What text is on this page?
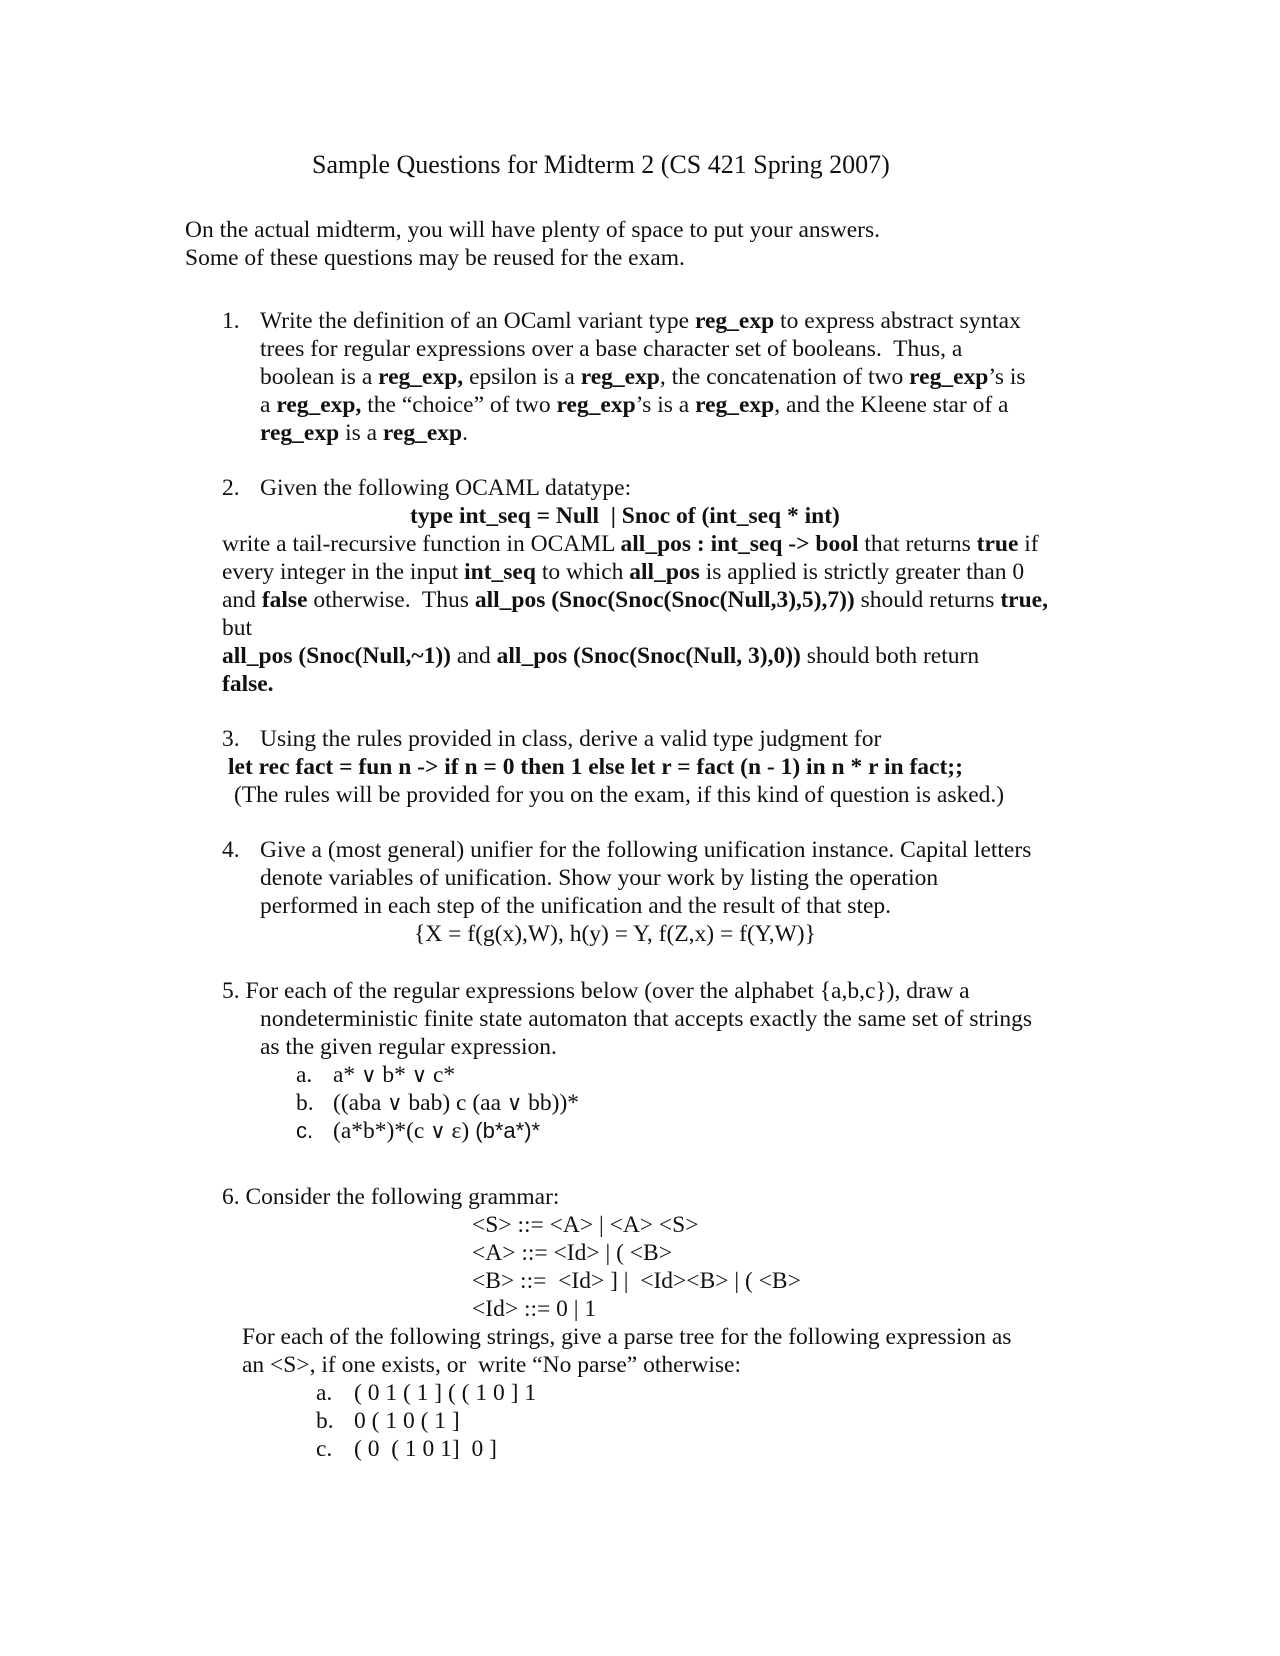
Sample Questions for Midterm 2 (CS 421 Spring 2007)
On the actual midterm, you will have plenty of space to put your answers.
Some of these questions may be reused for the exam.
1. Write the definition of an OCaml variant type reg_exp to express abstract syntax
trees for regular expressions over a base character set of booleans.  Thus, a
boolean is a reg_exp, epsilon is a reg_exp, the concatenation of two reg_exp’s is
a reg_exp, the “choice” of two reg_exp’s is a reg_exp, and the Kleene star of a
reg_exp is a reg_exp.
2. Given the following OCAML datatype:
type int_seq = Null  | Snoc of (int_seq * int)
write a tail-recursive function in OCAML all_pos : int_seq -> bool that returns true if
every integer in the input int_seq to which all_pos is applied is strictly greater than 0
and false otherwise.  Thus all_pos (Snoc(Snoc(Snoc(Null,3),5),7)) should returns true,
but
all_pos (Snoc(Null,~1)) and all_pos (Snoc(Snoc(Null, 3),0)) should both return
false.
3. Using the rules provided in class, derive a valid type judgment for
let rec fact = fun n -> if n = 0 then 1 else let r = fact (n - 1) in n * r in fact;;
(The rules will be provided for you on the exam, if this kind of question is asked.)
4. Give a (most general) unifier for the following unification instance. Capital letters
denote variables of unification. Show your work by listing the operation
performed in each step of the unification and the result of that step.
{X = f(g(x),W), h(y) = Y, f(Z,x) = f(Y,W)}
5. For each of the regular expressions below (over the alphabet {a,b,c}), draw a
nondeterministic finite state automaton that accepts exactly the same set of strings
as the given regular expression.
a. a* ∨ b* ∨ c*
b. ((aba ∨ bab) c (aa ∨ bb))*
c. (a*b*)*(c ∨ ε) (b*a*)*
6. Consider the following grammar:
<S> ::= <A> | <A> <S>
<A> ::= <Id> | ( <B>
<B> ::=  <Id> ] |  <Id><B> | ( <B>
<Id> ::= 0 | 1
For each of the following strings, give a parse tree for the following expression as
an <S>, if one exists, or  write “No parse” otherwise:
a. ( 0 1 ( 1 ] ( ( 1 0 ] 1
b. 0 ( 1 0 ( 1 ]
c. ( 0  ( 1 0 1]  0 ]
